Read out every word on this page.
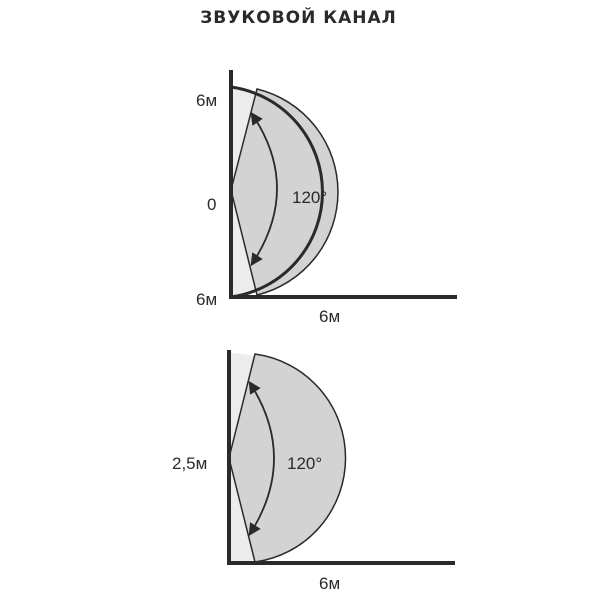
ЗВУКОВОЙ КАНАЛ
120°
6м
0
6м
6м
120°
2,5м
6м
